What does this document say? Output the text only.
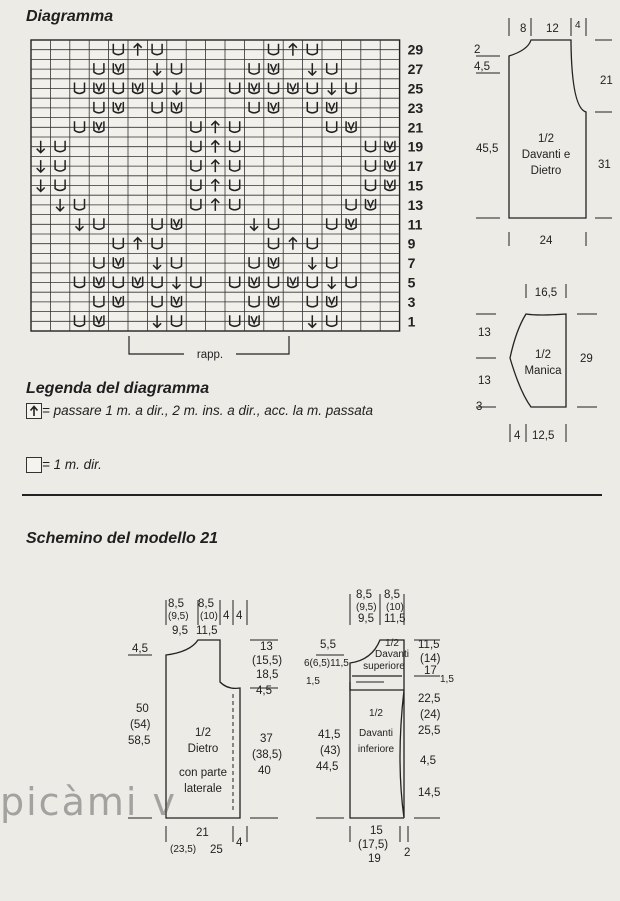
Diagramma
Legenda del diagramma
= passare 1 m. a dir., 2 m. ins. a dir., acc. la m. passata
= 1 m. dir.
Schemino del modello 21
rapp.
29
27
25
23
21
19
17
15
13
11
9
7
5
3
1
8 12 4
2
4,5
45,5
21
31
1/2
Davanti e
Dietro
24
16,5
13
13
3
29
1/2
Manica
4 12,5
8,5
(9,5)
9,5
8,5
(10)
11,5
4 4
4,5
50
(54)
58,5
13
(15,5)
18,5
4,5
37
(38,5)
40
1/2
Dietro
con parte
laterale
21
(23,5) 25
4
8,5
(9,5)
9,5
8,5
(10)
11,5
5,5
6(6,5)11,5
1,5
41,5
(43)
44,5
11,5
(14)
17
1,5
22,5
(24)
25,5
4,5
14,5
1/2
Davanti
superiore
1/2
Davanti
inferiore
15
(17,5)
19 2
picàmi v
